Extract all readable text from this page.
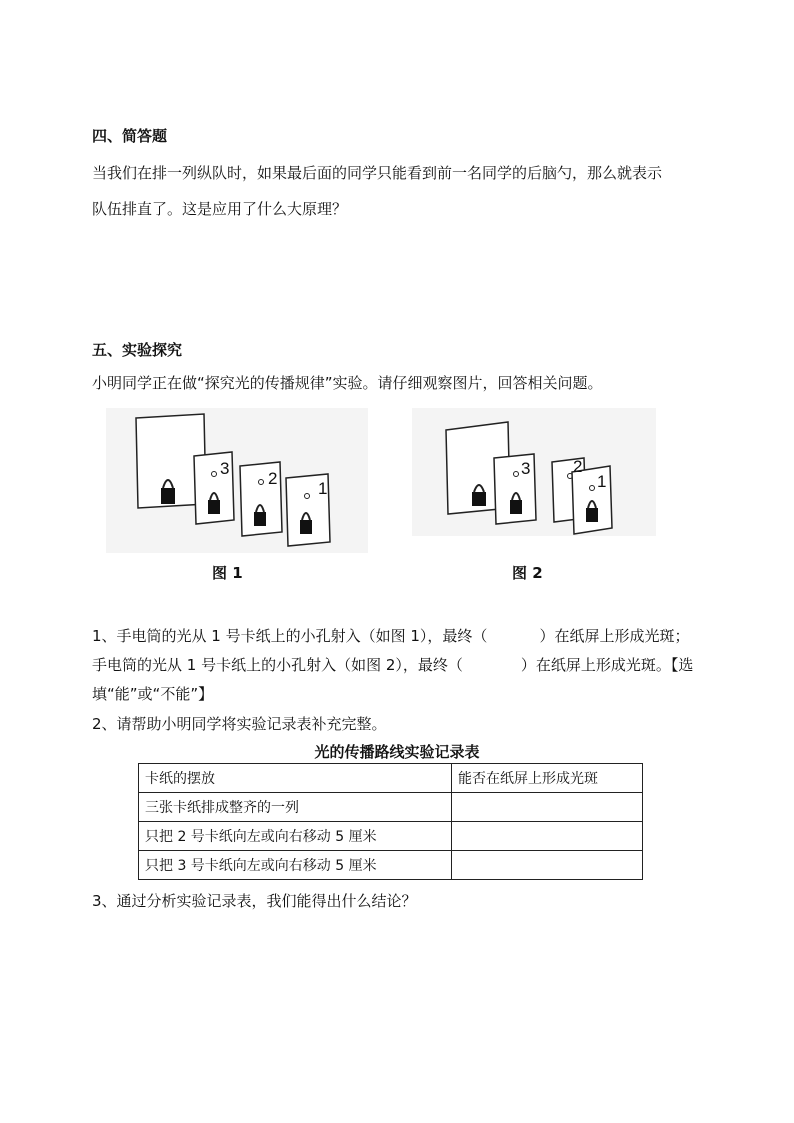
四、简答题
当我们在排一列纵队时，如果最后面的同学只能看到前一名同学的后脑勺，那么就表示
队伍排直了。这是应用了什么大原理？
五、实验探究
小明同学正在做“探究光的传播规律”实验。请仔细观察图片，回答相关问题。
3
2
1
图 1
3	2
1
图 2
1、手电筒的光从 1 号卡纸上的小孔射入（如图 1），最终（	）在纸屏上形成光斑；
手电筒的光从 1 号卡纸上的小孔射入（如图 2），最终（	）在纸屏上形成光斑。【选
填“能”或“不能”】
2、请帮助小明同学将实验记录表补充完整。
光的传播路线实验记录表
卡纸的摆放	能否在纸屏上形成光斑
三张卡纸排成整齐的一列	
只把 2 号卡纸向左或向右移动 5 厘米	
只把 3 号卡纸向左或向右移动 5 厘米	
3、通过分析实验记录表，我们能得出什么结论？
